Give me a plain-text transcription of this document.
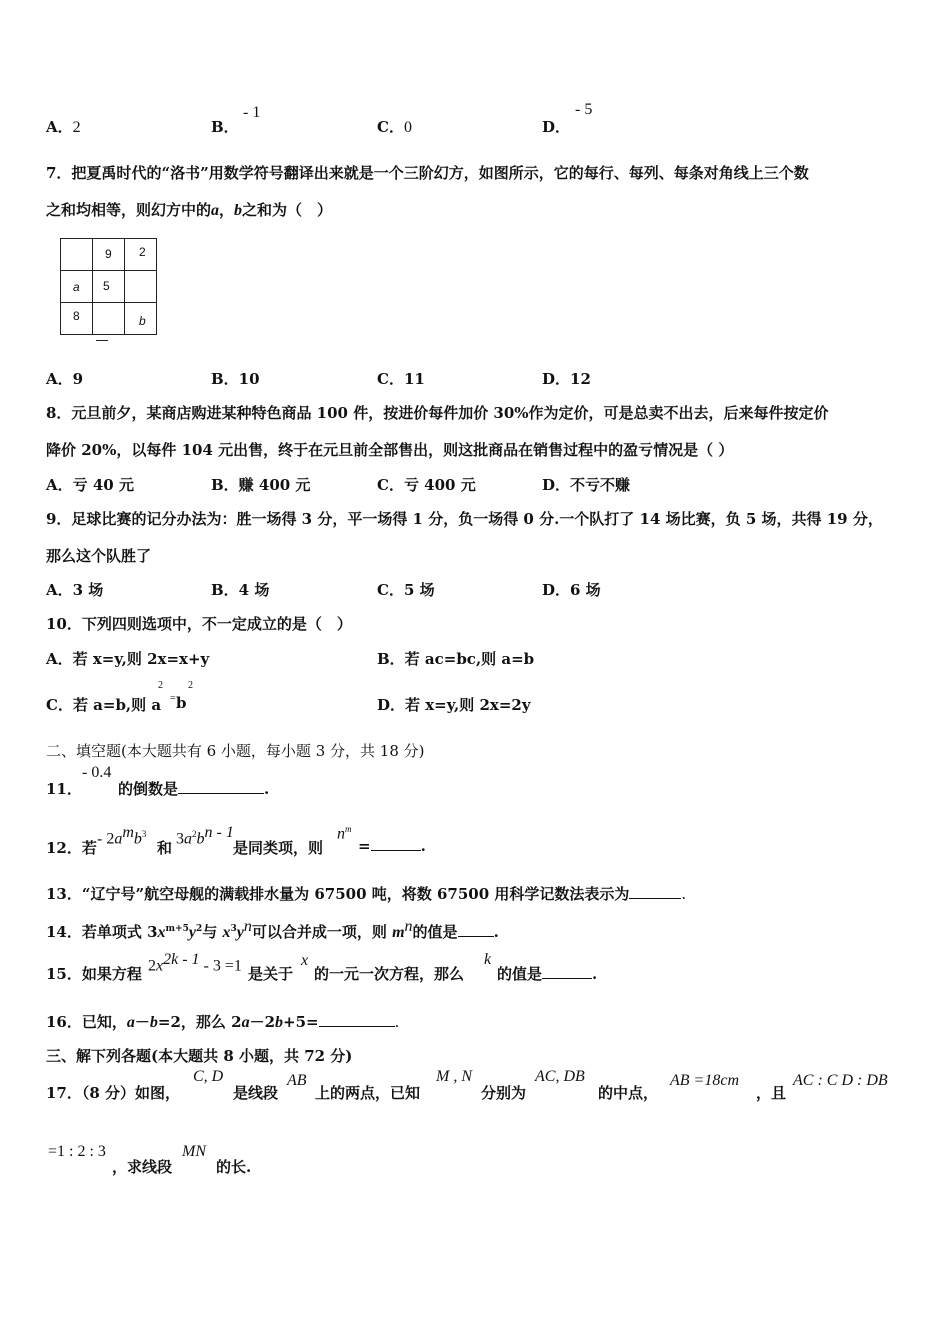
A．2	B．
- 1
C．0	D．
- 5
7．把夏禹时代的“洛书”用数学符号翻译出来就是一个三阶幻方，如图所示，它的每行、每列、每条对角线上三个数
之和均相等，则幻方中的a，b之和为（　）

	9	2

a	5	

8		b
A．9	B．10	C．11	D．12
8．元旦前夕，某商店购进某种特色商品 100 件，按进价每件加价 30%作为定价，可是总卖不出去，后来每件按定价
降价 20%，以每件 104 元出售，终于在元旦前全部售出，则这批商品在销售过程中的盈亏情况是（ ）
A．亏 40 元	B．赚 400 元	C．亏 400 元	D．不亏不赚
9．足球比赛的记分办法为：胜一场得 3 分，平一场得 1 分，负一场得 0 分.一个队打了 14 场比赛，负 5 场，共得 19 分，
那么这个队胜了
A．3 场	B．4 场	C．5 场	D．6 场
10．下列四则选项中，不一定成立的是（　）
A．若 x=y,则 2x=x+y	B．若 ac=bc,则 a=b
C．若 a=b,则 a
2
= b
2
D．若 x=y,则 2x=2y
二、填空题(本大题共有 6 小题，每小题 3 分，共 18 分)
11．
- 0.4
的倒数是	.
12．若
- $2a^mb^3$
和
$3a^2b^{n - 1}$
是同类项，则
$n^m$
=	.
13．“辽宁号”航空母舰的满载排水量为 67500 吨，将数 67500 用科学记数法表示为	.
14．若单项式 $3x^{m+5}y^2$与 $x^3y^n$可以合并成一项，则 $m^n$的值是 .
15．如果方程 $2x^{2k - 1} - 3 =1$ 是关于
x
的一元一次方程，那么
k
的值是	.
16．已知，a－b=2，那么 2a－2b+5=	.
三、解下列各题(本大题共 8 小题，共 72 分)
17．（8 分）如图，
C, D
是线段
AB
上的两点，已知
M , N
分别为
AC, DB
的中点，
AB =18cm
，且
AC : C D : DB
=1 : 2 : 3
，求线段
MN
的长.
